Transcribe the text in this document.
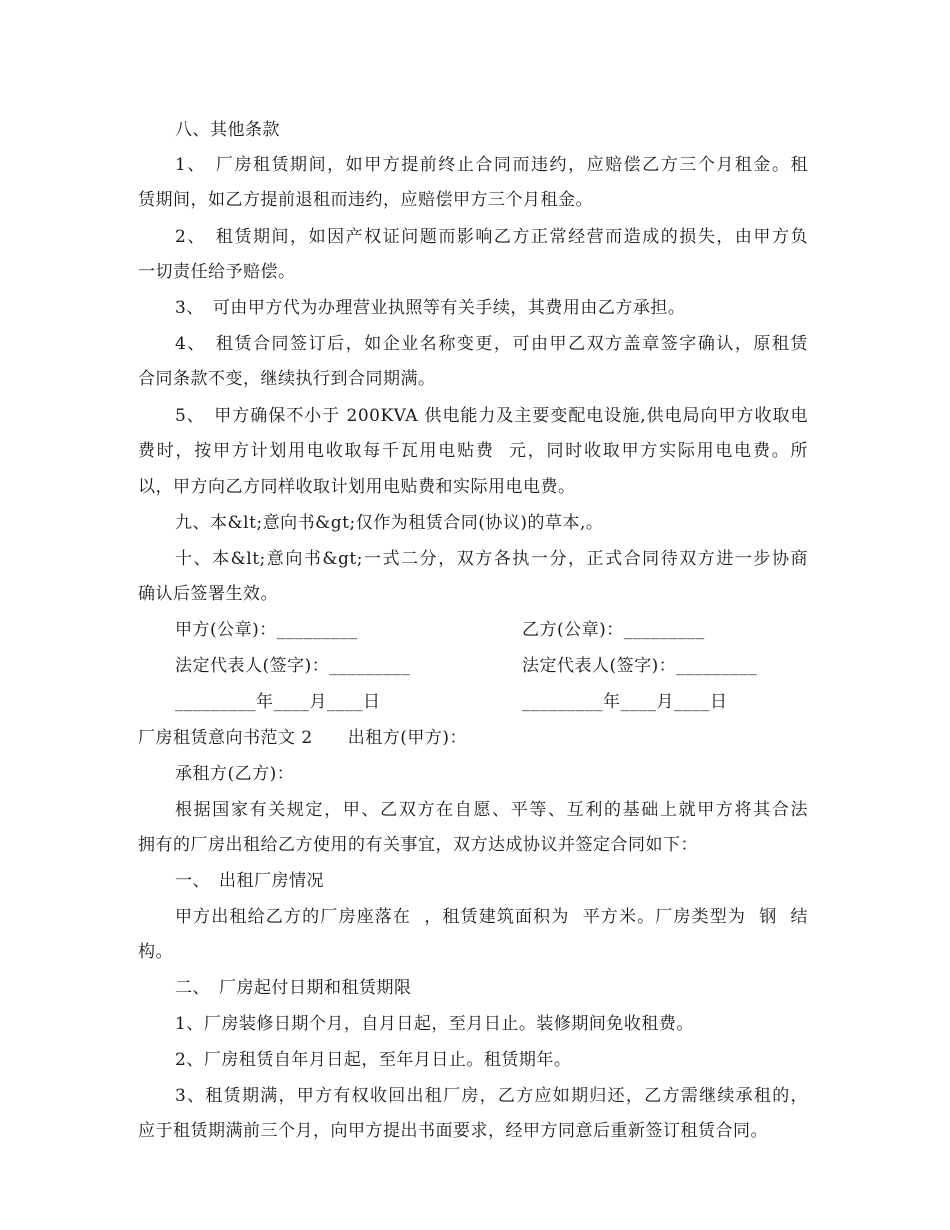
八、其他条款
1、　厂房租赁期间，如甲方提前终止合同而违约，应赔偿乙方三个月租金。租
赁期间，如乙方提前退租而违约，应赔偿甲方三个月租金。
2、　租赁期间，如因产权证问题而影响乙方正常经营而造成的损失，由甲方负
一切责任给予赔偿。
3、　可由甲方代为办理营业执照等有关手续，其费用由乙方承担。
4、　租赁合同签订后，如企业名称变更，可由甲乙双方盖章签字确认，原租赁
合同条款不变，继续执行到合同期满。
5、　甲方确保不小于 200KVA 供电能力及主要变配电设施,供电局向甲方收取电
费时，按甲方计划用电收取每千瓦用电贴费  元，同时收取甲方实际用电电费。所
以，甲方向乙方同样收取计划用电贴费和实际用电电费。
九、本&lt;意向书&gt;仅作为租赁合同(协议)的草本,。
十、本&lt;意向书&gt;一式二分，双方各执一分，正式合同待双方进一步协商
确认后签署生效。
甲方(公章)：_________	乙方(公章)：_________
法定代表人(签字)：_________	法定代表人(签字)：_________
_________年____月____日	_________年____月____日
厂房租赁意向书范文 2　　出租方(甲方)：
承租方(乙方)：
根据国家有关规定，甲、乙双方在自愿、平等、互利的基础上就甲方将其合法
拥有的厂房出租给乙方使用的有关事宜，双方达成协议并签定合同如下：
一、　出租厂房情况
甲方出租给乙方的厂房座落在  ，租赁建筑面积为  平方米。厂房类型为  钢  结
构。
二、　厂房起付日期和租赁期限
1、厂房装修日期个月，自月日起，至月日止。装修期间免收租费。
2、厂房租赁自年月日起，至年月日止。租赁期年。
3、租赁期满，甲方有权收回出租厂房，乙方应如期归还，乙方需继续承租的，
应于租赁期满前三个月，向甲方提出书面要求，经甲方同意后重新签订租赁合同。
